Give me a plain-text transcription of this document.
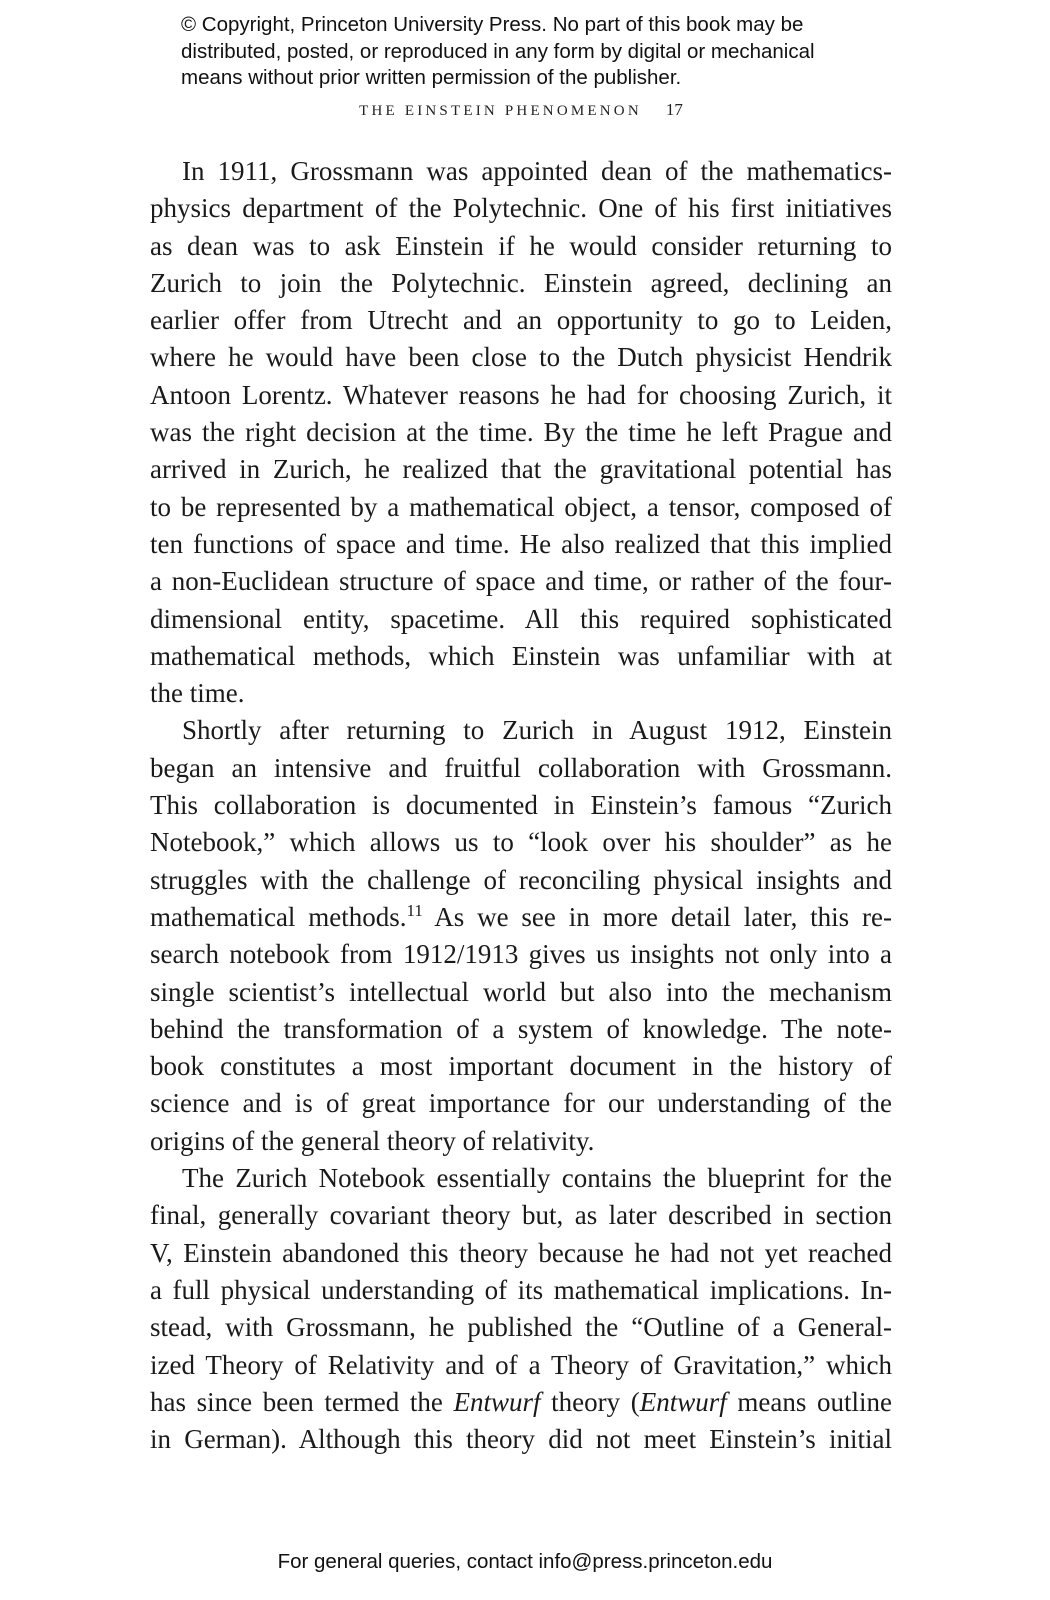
© Copyright, Princeton University Press. No part of this book may be
distributed, posted, or reproduced in any form by digital or mechanical
means without prior written permission of the publisher.
THE EINSTEIN PHENOMENON 17
In 1911, Grossmann was appointed dean of the mathematics-
physics department of the Polytechnic. One of his first initiatives
as dean was to ask Einstein if he would consider returning to
Zurich to join the Polytechnic. Einstein agreed, declining an
earlier offer from Utrecht and an opportunity to go to Leiden,
where he would have been close to the Dutch physicist Hendrik
Antoon Lorentz. Whatever reasons he had for choosing Zurich, it
was the right decision at the time. By the time he left Prague and
arrived in Zurich, he realized that the gravitational potential has
to be represented by a mathematical object, a tensor, composed of
ten functions of space and time. He also realized that this implied
a non-Euclidean structure of space and time, or rather of the four-
dimensional entity, spacetime. All this required sophisticated
mathematical methods, which Einstein was unfamiliar with at
the time.
Shortly after returning to Zurich in August 1912, Einstein
began an intensive and fruitful collaboration with Grossmann.
This collaboration is documented in Einstein’s famous “Zurich
Notebook,” which allows us to “look over his shoulder” as he
struggles with the challenge of reconciling physical insights and
mathematical methods.$^{11}$ As we see in more detail later, this re-
search notebook from 1912/1913 gives us insights not only into a
single scientist’s intellectual world but also into the mechanism
behind the transformation of a system of knowledge. The note-
book constitutes a most important document in the history of
science and is of great importance for our understanding of the
origins of the general theory of relativity.
The Zurich Notebook essentially contains the blueprint for the
final, generally covariant theory but, as later described in section
V, Einstein abandoned this theory because he had not yet reached
a full physical understanding of its mathematical implications. In-
stead, with Grossmann, he published the “Outline of a General-
ized Theory of Relativity and of a Theory of Gravitation,” which
has since been termed the Entwurf theory (Entwurf means outline
in German). Although this theory did not meet Einstein’s initial
For general queries, contact info@press.princeton.edu
